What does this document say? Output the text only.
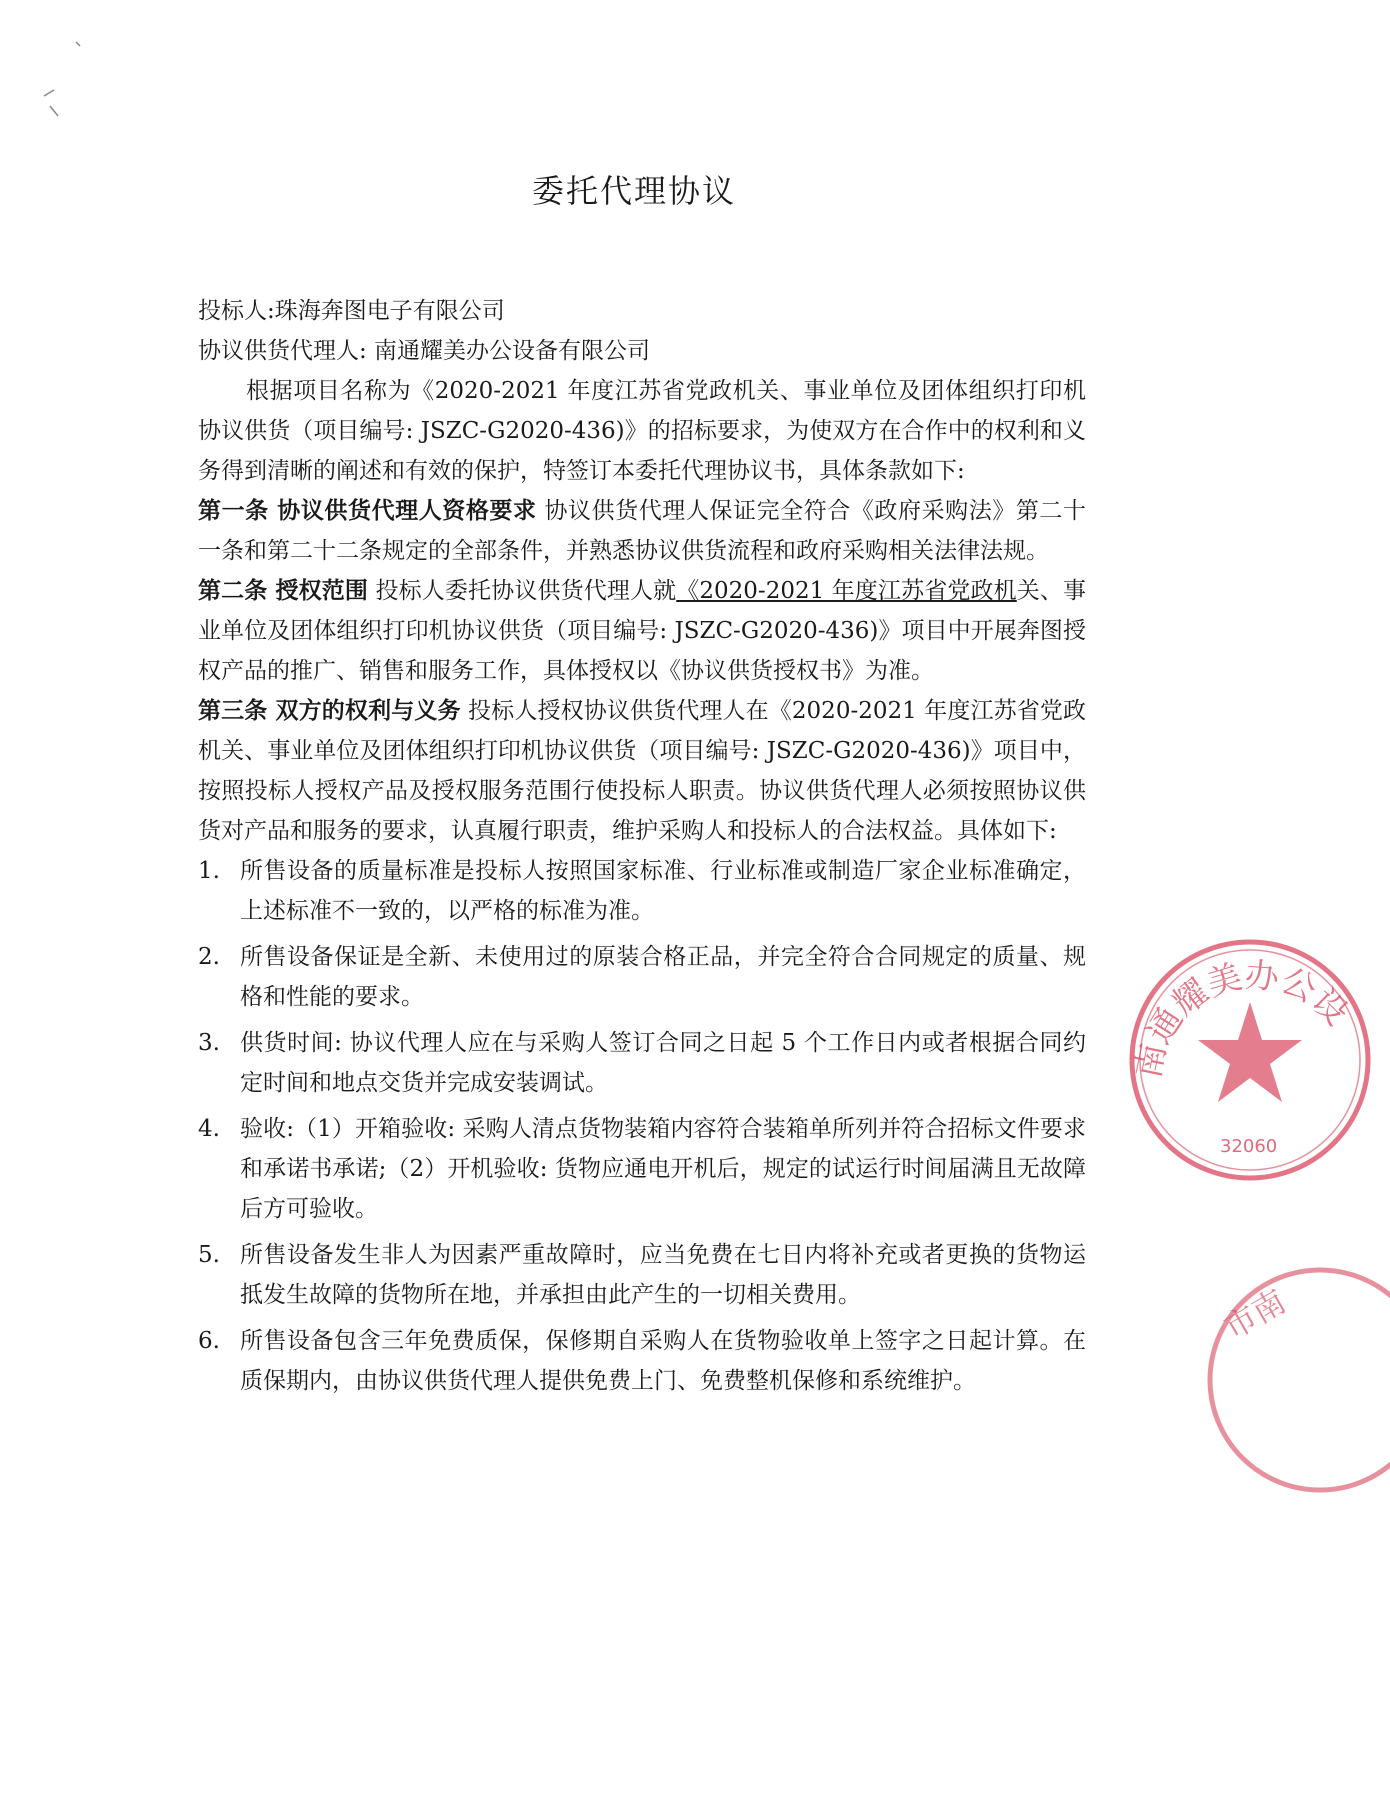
委托代理协议
投标人:珠海奔图电子有限公司
协议供货代理人: 南通耀美办公设备有限公司

根据项目名称为《2020-2021 年度江苏省党政机关、事业单位及团体组织打印机协议供货（项目编号: JSZC-G2020-436)》的招标要求，为使双方在合作中的权利和义务得到清晰的阐述和有效的保护，特签订本委托代理协议书，具体条款如下:

第一条 协议供货代理人资格要求 协议供货代理人保证完全符合《政府采购法》第二十一条和第二十二条规定的全部条件，并熟悉协议供货流程和政府采购相关法律法规。

第二条 授权范围 投标人委托协议供货代理人就《2020-2021 年度江苏省党政机关、事业单位及团体组织打印机协议供货（项目编号: JSZC-G2020-436)》项目中开展奔图授权产品的推广、销售和服务工作，具体授权以《协议供货授权书》为准。

第三条 双方的权利与义务 投标人授权协议供货代理人在《2020-2021 年度江苏省党政机关、事业单位及团体组织打印机协议供货（项目编号: JSZC-G2020-436)》项目中，按照投标人授权产品及授权服务范围行使投标人职责。协议供货代理人必须按照协议供货对产品和服务的要求，认真履行职责，维护采购人和投标人的合法权益。具体如下:

1. 所售设备的质量标准是投标人按照国家标准、行业标准或制造厂家企业标准确定，上述标准不一致的，以严格的标准为准。
2. 所售设备保证是全新、未使用过的原装合格正品，并完全符合合同规定的质量、规格和性能的要求。
3. 供货时间: 协议代理人应在与采购人签订合同之日起 5 个工作日内或者根据合同约定时间和地点交货并完成安装调试。
4. 验收:（1）开箱验收: 采购人清点货物装箱内容符合装箱单所列并符合招标文件要求和承诺书承诺;（2）开机验收: 货物应通电开机后，规定的试运行时间届满且无故障后方可验收。
5. 所售设备发生非人为因素严重故障时，应当免费在七日内将补充或者更换的货物运抵发生故障的货物所在地，并承担由此产生的一切相关费用。
6. 所售设备包含三年免费质保，保修期自采购人在货物验收单上签字之日起计算。在质保期内，由协议供货代理人提供免费上门、免费整机保修和系统维护。
南通耀美办公设
32060
市南
